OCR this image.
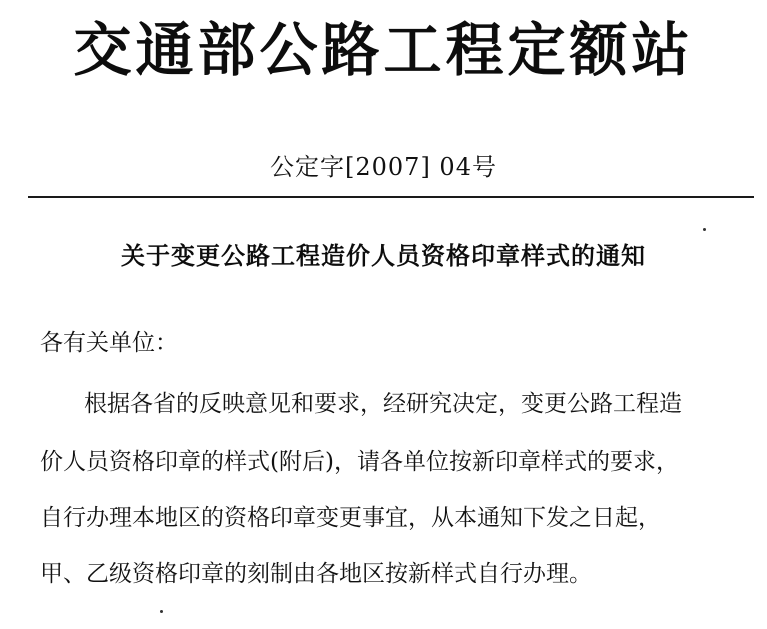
交通部公路工程定额站
公定字[2007] 04号
关于变更公路工程造价人员资格印章样式的通知
各有关单位：
根据各省的反映意见和要求，经研究决定，变更公路工程造
价人员资格印章的样式(附后)，请各单位按新印章样式的要求，
自行办理本地区的资格印章变更事宜，从本通知下发之日起，
甲、乙级资格印章的刻制由各地区按新样式自行办理。
